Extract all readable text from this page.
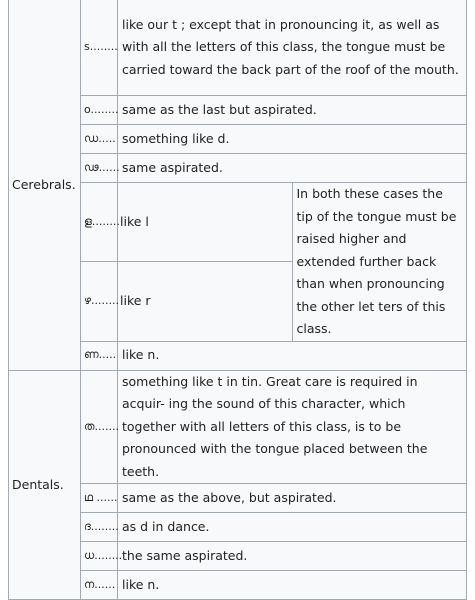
Cerebrals.	s........	like our t ; except that in pronouncing it, as well as with all the letters of this class, the tongue must be carried toward the back part of the roof of the mouth.	
	o........	same as the last but aspirated.	
	ഡ.....	something like d.	
	ഢ......	same aspirated.	
	ള........	like l	In both these cases the tip of the tongue must be raised higher and extended further back than when pronouncing the other let ters of this class.
	ഴ........	like r	
	ണ.....	like n.	
Dentals.	ത.......	something like t in tin. Great care is required in acquir- ing the sound of this character, which together with all letters of this class, is to be pronounced with the tongue placed between the teeth.	
	ഥ ......	same as the above, but aspirated.	
	ദ........	as d in dance.	
	ധ........	the same aspirated.	
	ന......	like n.	
